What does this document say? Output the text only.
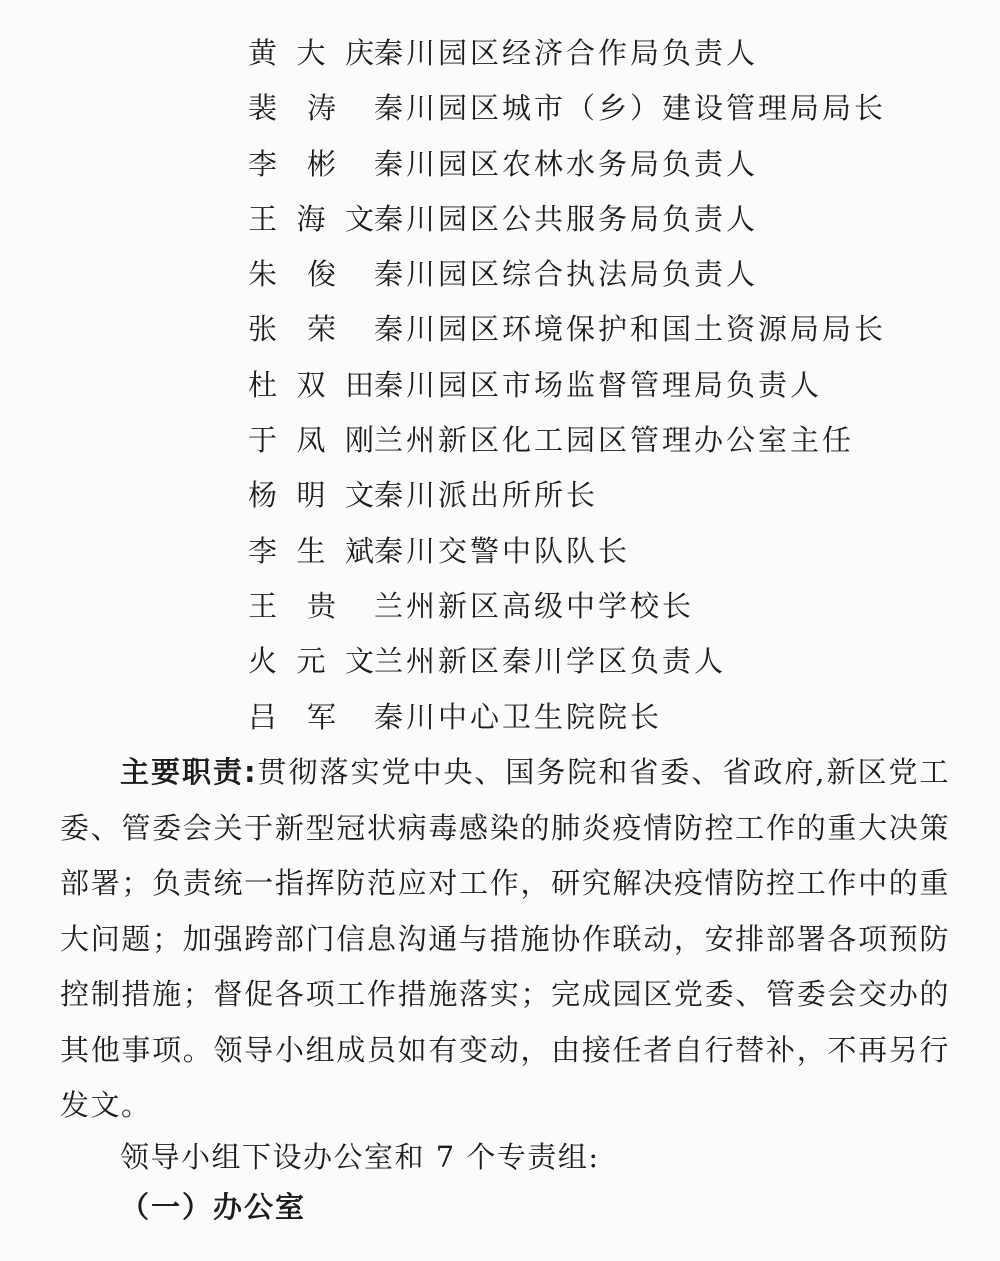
黄大庆 秦川园区经济合作局负责人
裴涛 秦川园区城市（乡）建设管理局局长
李彬 秦川园区农林水务局负责人
王海文 秦川园区公共服务局负责人
朱俊 秦川园区综合执法局负责人
张荣 秦川园区环境保护和国土资源局局长
杜双田 秦川园区市场监督管理局负责人
于凤刚 兰州新区化工园区管理办公室主任
杨明文 秦川派出所所长
李生斌 秦川交警中队队长
王贵 兰州新区高级中学校长
火元文 兰州新区秦川学区负责人
吕军 秦川中心卫生院院长
主要职责:贯彻落实党中央、国务院和省委、省政府,新区党工委、管委会关于新型冠状病毒感染的肺炎疫情防控工作的重大决策部署；负责统一指挥防范应对工作，研究解决疫情防控工作中的重大问题；加强跨部门信息沟通与措施协作联动，安排部署各项预防控制措施；督促各项工作措施落实；完成园区党委、管委会交办的其他事项。领导小组成员如有变动，由接任者自行替补，不再另行发文。
领导小组下设办公室和 7 个专责组:
（一）办公室
